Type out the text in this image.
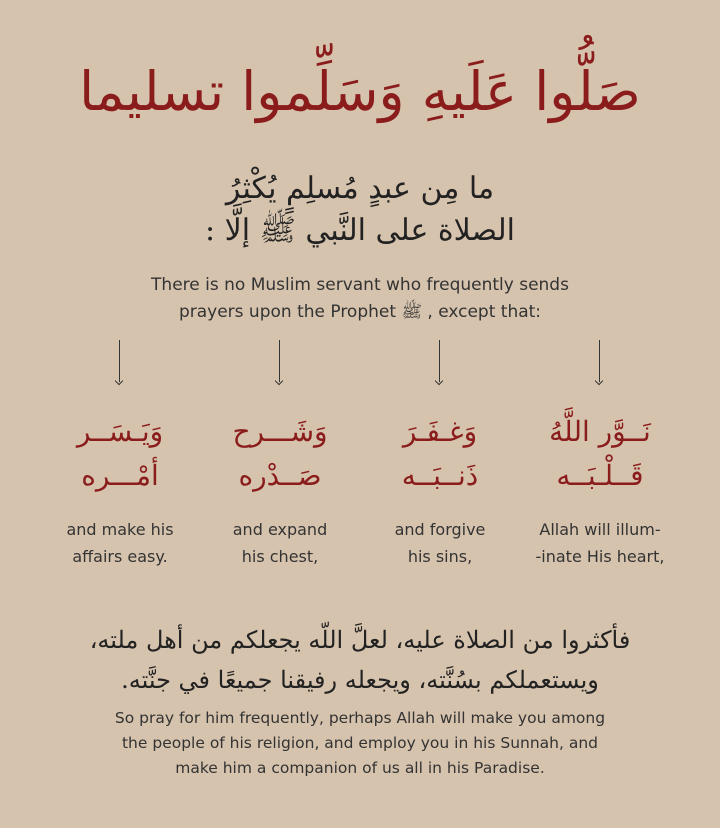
صَلُّوا عَلَيهِ وَسَلِّموا تسليما
ما مِن عبدٍ مُسلِمٍ يُكْثِرُ
الصلاة على النَّبي ﷺ إلَّا :
There is no Muslim servant who frequently sends
prayers upon the Prophet ﷺ , except that:
نَــوَّر اللَّهُ
قَــلْـبَــه
Allah will illum-
-inate His heart,
وَغـفَـرَ
ذَنــبَــه
and forgive
his sins,
وَشَـــرح
صَــدْره
and expand
his chest,
وَيَـسَــر
أمْـــره
and make his
affairs easy.
فأكثروا من الصلاة عليه، لعلَّ اللّه يجعلكم من أهل ملته،
ويستعملكم بسُنَّته، ويجعله رفيقنا جميعًا في جنَّته.
So pray for him frequently, perhaps Allah will make you among
the people of his religion, and employ you in his Sunnah, and
make him a companion of us all in his Paradise.
